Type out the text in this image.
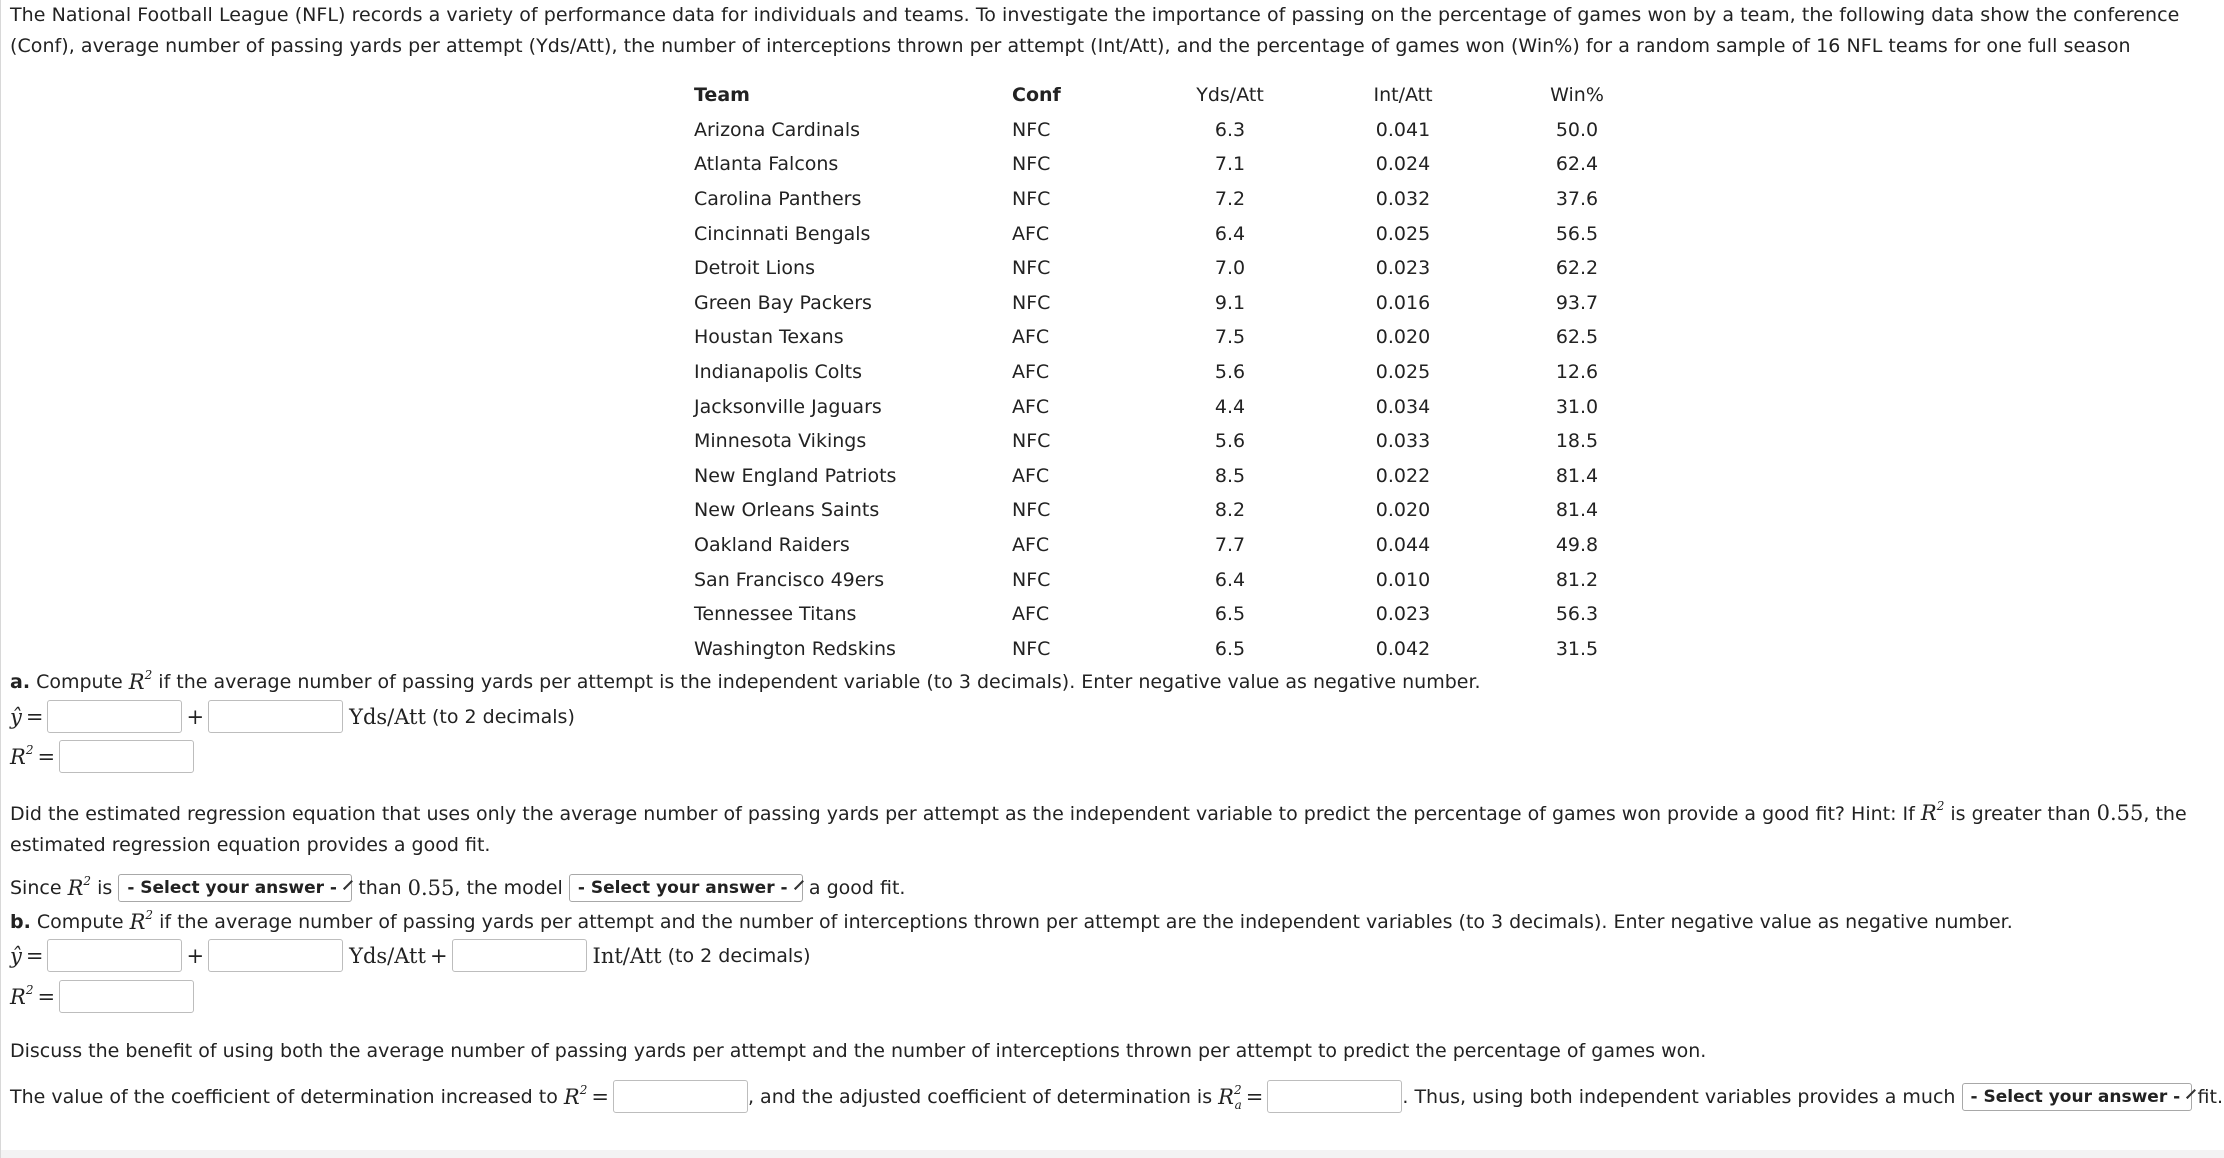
The National Football League (NFL) records a variety of performance data for individuals and teams. To investigate the importance of passing on the percentage of games won by a team, the following data show the conference (Conf), average number of passing yards per attempt (Yds/Att), the number of interceptions thrown per attempt (Int/Att), and the percentage of games won (Win%) for a random sample of 16 NFL teams for one full season
Team	Conf	Yds/Att	Int/Att	Win%
Arizona Cardinals	NFC	6.3	0.041	50.0
Atlanta Falcons	NFC	7.1	0.024	62.4
Carolina Panthers	NFC	7.2	0.032	37.6
Cincinnati Bengals	AFC	6.4	0.025	56.5
Detroit Lions	NFC	7.0	0.023	62.2
Green Bay Packers	NFC	9.1	0.016	93.7
Houstan Texans	AFC	7.5	0.020	62.5
Indianapolis Colts	AFC	5.6	0.025	12.6
Jacksonville Jaguars	AFC	4.4	0.034	31.0
Minnesota Vikings	NFC	5.6	0.033	18.5
New England Patriots	AFC	8.5	0.022	81.4
New Orleans Saints	NFC	8.2	0.020	81.4
Oakland Raiders	AFC	7.7	0.044	49.8
San Francisco 49ers	NFC	6.4	0.010	81.2
Tennessee Titans	AFC	6.5	0.023	56.3
Washington Redskins	NFC	6.5	0.042	31.5
a.
Compute
$R^2$
if the average number of passing yards per attempt is the independent variable (to 3 decimals). Enter negative value as negative number.
ŷ =	+	Yds/Att
(to 2 decimals)
$R^2$ =
Did the estimated regression equation that uses only the average number of passing yards per attempt as the independent variable to predict the percentage of games won provide a good fit? Hint: If $R^2$ is greater than 0.55, the estimated regression equation provides a good fit.
Since
$R^2$
is
- Select your answer -
than
0.55 , the model
- Select your answer -
a good fit.
b.
Compute
$R^2$
if the average number of passing yards per attempt and the number of interceptions thrown per attempt are the independent variables (to 3 decimals). Enter negative value as negative number.
ŷ =	+	Yds/Att +	Int/Att
(to 2 decimals)
$R^2$ =
Discuss the benefit of using both the average number of passing yards per attempt and the number of interceptions thrown per attempt to predict the percentage of games won.
The value of the coefficient of determination increased to
$R^2$ =	, and the adjusted coefficient of determination is
$R^2_a$ =	. Thus, using both independent variables provides a much
- Select your answer -
fit.
